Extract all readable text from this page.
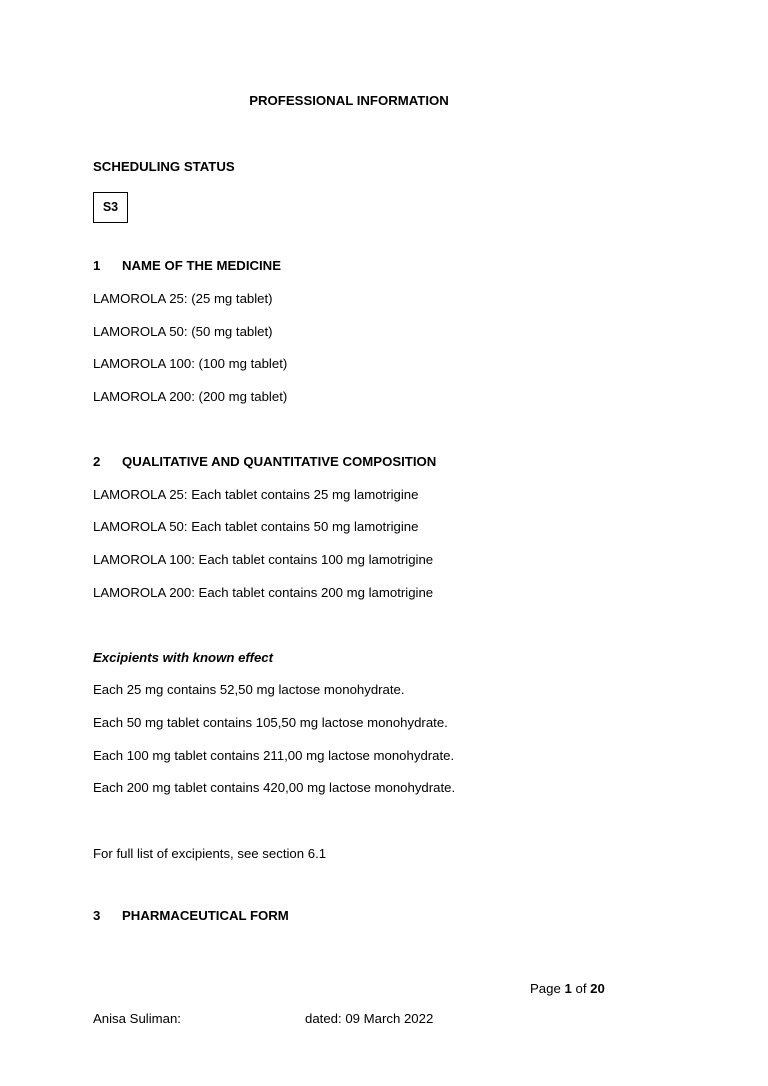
PROFESSIONAL INFORMATION
SCHEDULING STATUS
S3
1 NAME OF THE MEDICINE
LAMOROLA 25: (25 mg tablet)
LAMOROLA 50: (50 mg tablet)
LAMOROLA 100: (100 mg tablet)
LAMOROLA 200: (200 mg tablet)
2 QUALITATIVE AND QUANTITATIVE COMPOSITION
LAMOROLA 25: Each tablet contains 25 mg lamotrigine
LAMOROLA 50: Each tablet contains 50 mg lamotrigine
LAMOROLA 100: Each tablet contains 100 mg lamotrigine
LAMOROLA 200: Each tablet contains 200 mg lamotrigine
Excipients with known effect
Each 25 mg contains 52,50 mg lactose monohydrate.
Each 50 mg tablet contains 105,50 mg lactose monohydrate.
Each 100 mg tablet contains 211,00 mg lactose monohydrate.
Each 200 mg tablet contains 420,00 mg lactose monohydrate.
For full list of excipients, see section 6.1
3 PHARMACEUTICAL FORM
Page 1 of 20
Anisa Suliman:	dated: 09 March 2022
